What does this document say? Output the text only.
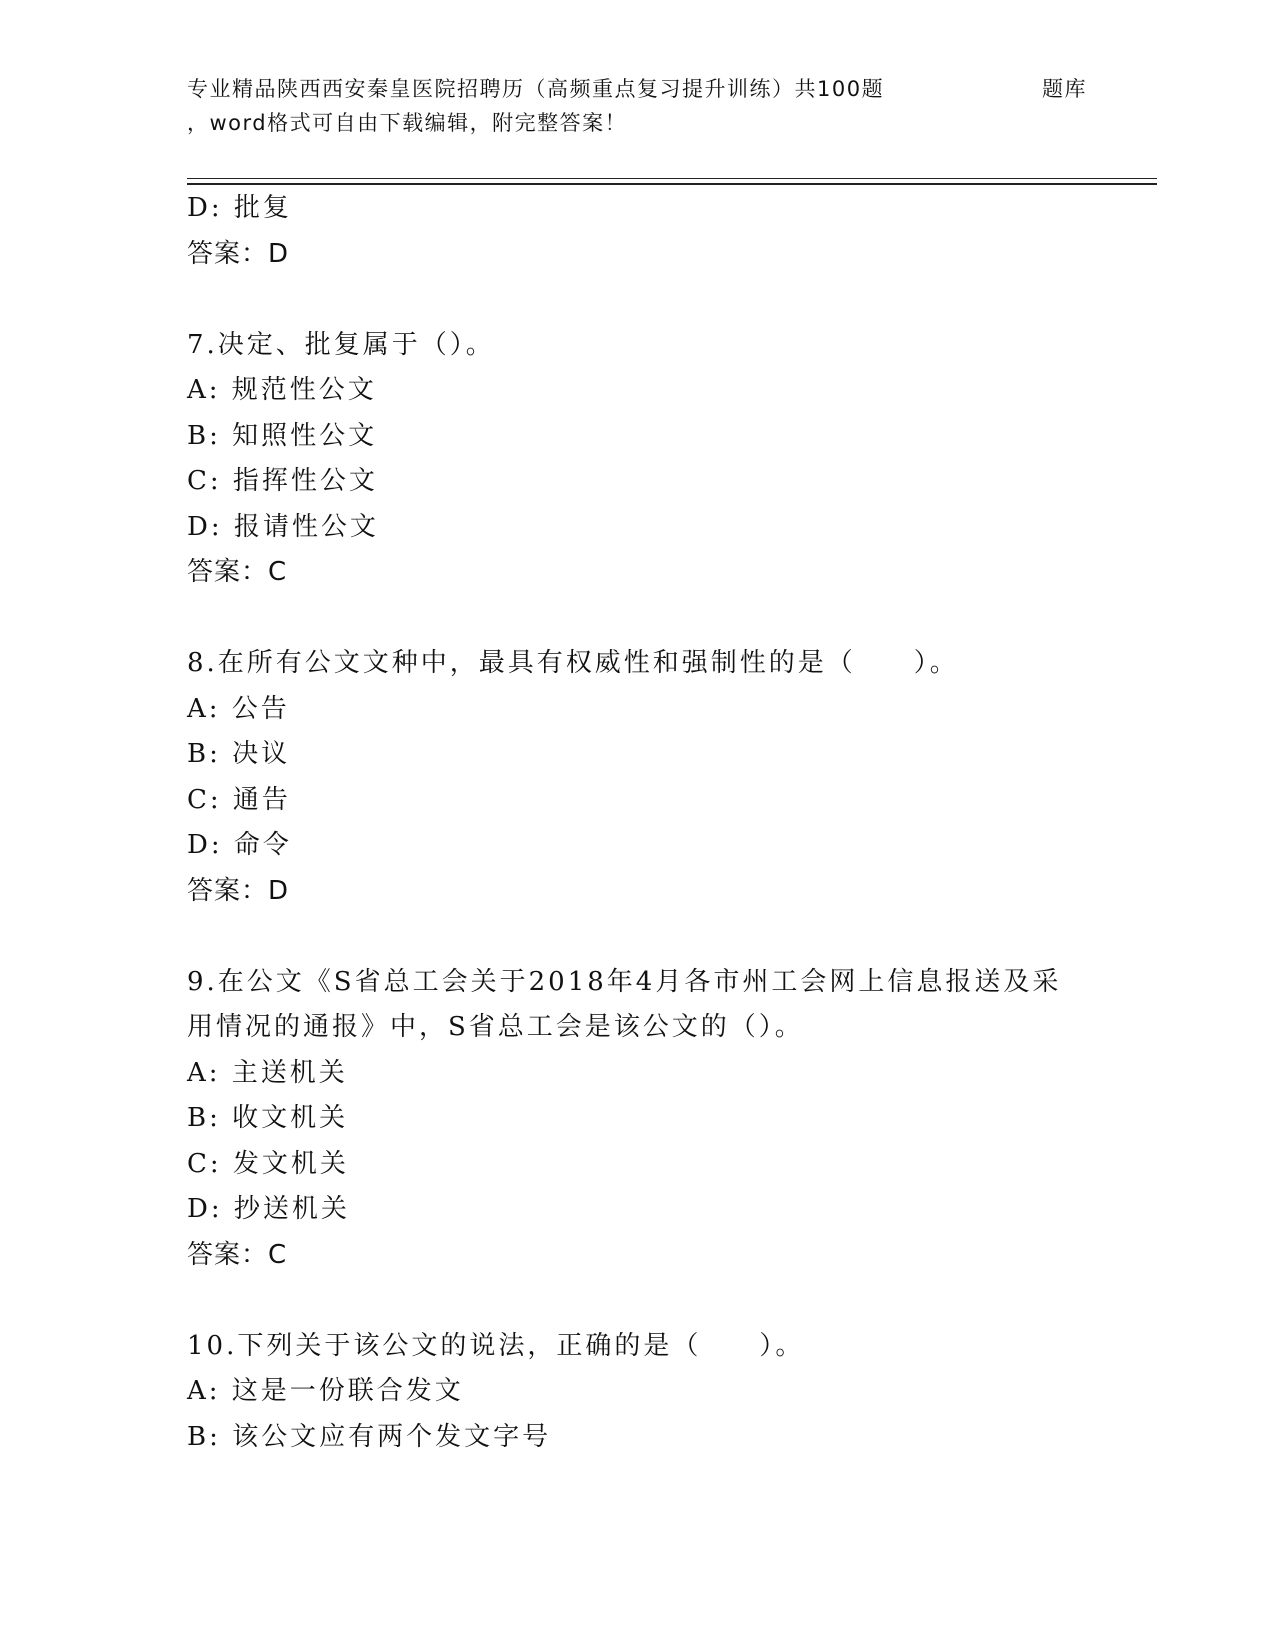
专业精品陕西西安秦皇医院招聘历（高频重点复习提升训练）共100题	题库
，word格式可自由下载编辑，附完整答案！

D: 批复

答案：D

7.决定、批复属于（）。

A: 规范性公文

B: 知照性公文

C: 指挥性公文

D: 报请性公文

答案：C

8.在所有公文文种中，最具有权威性和强制性的是（　　）。

A: 公告

B: 决议

C: 通告

D: 命令

答案：D

9.在公文《S省总工会关于2018年4月各市州工会网上信息报送及采

用情况的通报》中，S省总工会是该公文的（）。

A: 主送机关

B: 收文机关

C: 发文机关

D: 抄送机关

答案：C

10.下列关于该公文的说法，正确的是（　　）。

A: 这是一份联合发文

B: 该公文应有两个发文字号
